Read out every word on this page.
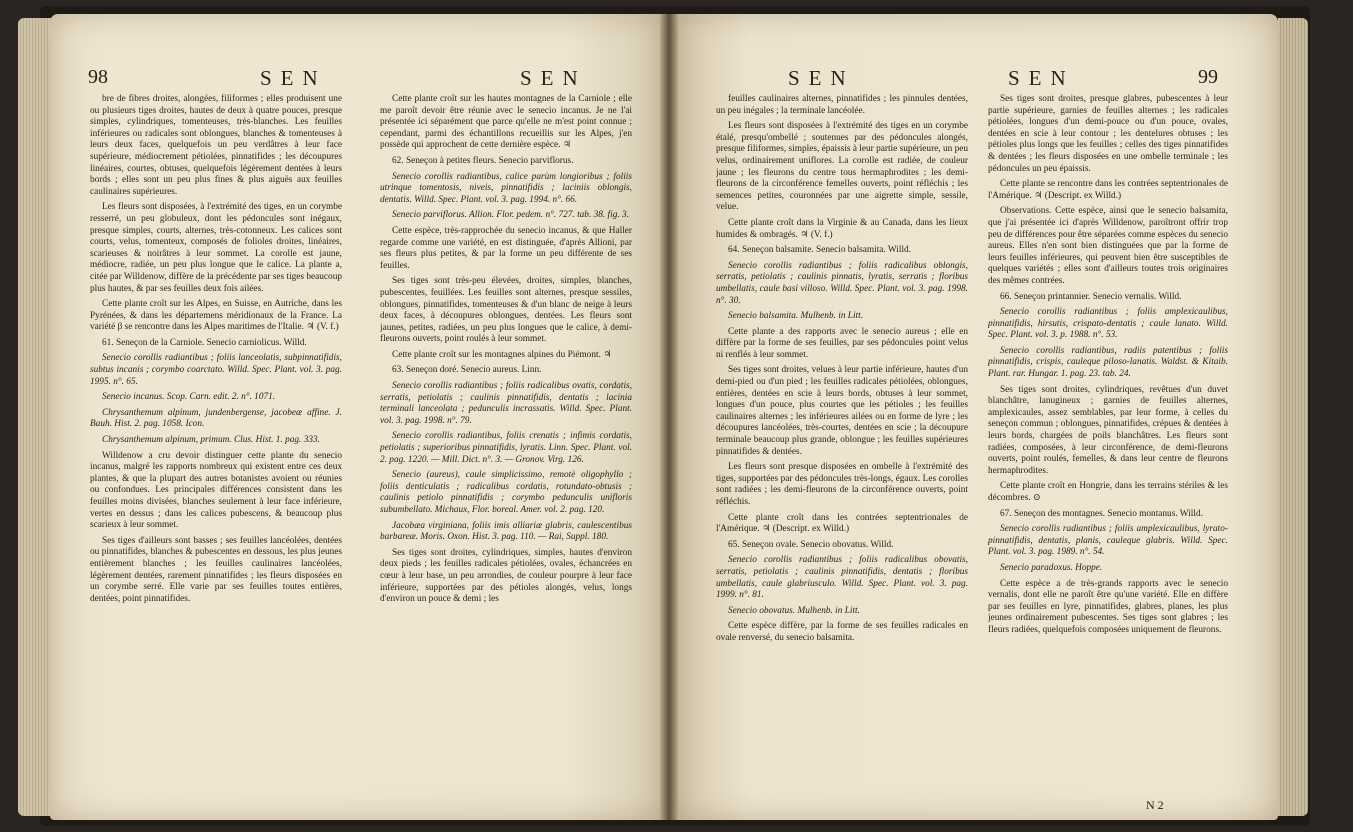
98	SEN	SEN

bre de fibres droites, alongées, filiformes ; elles produisent une ou plusieurs tiges droites, hautes de deux à quatre pouces, presque simples, cylindriques, tomenteuses, très-blanches. Les feuilles inférieures ou radicales sont oblongues, blanches & tomenteuses à leurs deux faces, quelquefois un peu verdâtres à leur face supérieure, médiocrement pétiolées, pinnatifides ; les découpures linéaires, courtes, obtuses, quelquefois légèrement dentées à leurs bords ; elles sont un peu plus fines & plus aiguës aux feuilles caulinaires supérieures.

Les fleurs sont disposées, à l'extrémité des tiges, en un corymbe resserré, un peu globuleux, dont les pédoncules sont inégaux, presque simples, courts, alternes, très-cotonneux. Les calices sont courts, velus, tomenteux, composés de folioles droites, linéaires, scarieuses & noirâtres à leur sommet. La corolle est jaune, médiocre, radiée, un peu plus longue que le calice. La plante a, citée par Willdenow, diffère de la précédente par ses tiges beaucoup plus hautes, & par ses feuilles deux fois ailées.

Cette plante croît sur les Alpes, en Suisse, en Autriche, dans les Pyrénées, & dans les départemens méridionaux de la France. La variété β se rencontre dans les Alpes maritimes de l'Italie. ♃ (V. f.)

61. Seneçon de la Carniole. Senecio carniolicus. Willd.

Senecio corollis radiantibus ; foliis lanceolatis, subpinnatifidis, subtus incanis ; corymbo coarctato. Willd. Spec. Plant. vol. 3. pag. 1995. n°. 65.

Senecio incanus. Scop. Carn. edit. 2. n°. 1071.

Chrysanthemum alpinum, jundenbergense, jacobeæ affine. J. Bauh. Hist. 2. pag. 1058. Icon.

Chrysanthemum alpinum, primum. Clus. Hist. 1. pag. 333.

Willdenow a cru devoir distinguer cette plante du senecio incanus, malgré les rapports nombreux qui existent entre ces deux plantes, & que la plupart des autres botanistes avoient ou réunies ou confondues. Les principales différences consistent dans les feuilles moins divisées, blanches seulement à leur face inférieure, vertes en dessus ; dans les calices pubescens, & beaucoup plus scarieux à leur sommet.

Ses tiges d'ailleurs sont basses ; ses feuilles lancéolées, dentées ou pinnatifides, blanches & pubescentes en dessous, les plus jeunes entièrement blanches ; les feuilles caulinaires lancéolées, légèrement dentées, rarement pinnatifides ; les fleurs disposées en un corymbe serré. Elle varie par ses feuilles toutes entières, dentées, point pinnatifides.

Cette plante croît sur les hautes montagnes de la Carniole ; elle me paroît devoir être réunie avec le senecio incanus. Je ne l'ai présentée ici séparément que parce qu'elle ne m'est point connue ; cependant, parmi des échantillons recueillis sur les Alpes, j'en possède qui approchent de cette dernière espèce. ♃

62. Seneçon à petites fleurs. Senecio parviflorus.

Senecio corollis radiantibus, calice parùm longioribus ; foliis utrinque tomentosis, niveis, pinnatifidis ; laciniis oblongis, dentatis. Willd. Spec. Plant. vol. 3. pag. 1994. n°. 66.

Senecio parviflorus. Allion. Flor. pedem. n°. 727. tab. 38. fig. 3.

Cette espèce, très-rapprochée du senecio incanus, & que Haller regarde comme une variété, en est distinguée, d'après Allioni, par ses fleurs plus petites, & par la forme un peu différente de ses feuilles.

Ses tiges sont très-peu élevées, droites, simples, blanches, pubescentes, feuillées. Les feuilles sont alternes, presque sessiles, oblongues, pinnatifides, tomenteuses & d'un blanc de neige à leurs deux faces, à découpures oblongues, dentées. Les fleurs sont jaunes, petites, radiées, un peu plus longues que le calice, à demi-fleurons ouverts, point roulés à leur sommet.

Cette plante croît sur les montagnes alpines du Piémont. ♃

63. Seneçon doré. Senecio aureus. Linn.

Senecio corollis radiantibus ; foliis radicalibus ovatis, cordatis, serratis, petiolatis ; caulinis pinnatifidis, dentatis ; lacinia terminali lanceolata ; pedunculis incrassatis. Willd. Spec. Plant. vol. 3. pag. 1998. n°. 79.

Senecio corollis radiantibus, foliis crenatis ; infimis cordatis, petiolatis ; superioribus pinnatifidis, lyratis. Linn. Spec. Plant. vol. 2. pag. 1220. — Mill. Dict. n°. 3. — Gronov. Virg. 126.

Senecio (aureus), caule simplicissimo, remotè oligophyllo ; foliis denticulatis ; radicalibus cordatis, rotundato-obtusis ; caulinis petiolo pinnatifidis ; corymbo pedunculis unifloris subumbellato. Michaux, Flor. boreal. Amer. vol. 2. pag. 120.

Jacobæa virginiana, foliis imis alliariæ glabris, caulescentibus barbareæ. Moris. Oxon. Hist. 3. pag. 110. — Rai, Suppl. 180.

Ses tiges sont droites, cylindriques, simples, hautes d'environ deux pieds ; les feuilles radicales pétiolées, ovales, échancrées en cœur à leur base, un peu arrondies, de couleur pourpre à leur face inférieure, supportées par des pétioles alongés, velus, longs d'environ un pouce & demi ; les

SEN	SEN	99

feuilles caulinaires alternes, pinnatifides ; les pinnules dentées, un peu inégales ; la terminale lancéolée.

Les fleurs sont disposées à l'extrémité des tiges en un corymbe étalé, presqu'ombellé ; soutenues par des pédoncules alongés, presque filiformes, simples, épaissis à leur partie supérieure, un peu velus, ordinairement uniflores. La corolle est radiée, de couleur jaune ; les fleurons du centre tous hermaphrodites ; les demi-fleurons de la circonférence femelles ouverts, point réfléchis ; les semences petites, couronnées par une aigrette simple, sessile, velue.

Cette plante croît dans la Virginie & au Canada, dans les lieux humides & ombragés. ♃ (V. f.)

64. Seneçon balsamite. Senecio balsamita. Willd.

Senecio corollis radiantibus ; foliis radicalibus oblongis, serratis, petiolatis ; caulinis pinnatis, lyratis, serratis ; floribus umbellatis, caule basi villoso. Willd. Spec. Plant. vol. 3. pag. 1998. n°. 30.

Senecio balsamita. Mulhenb. in Litt.

Cette plante a des rapports avec le senecio aureus ; elle en diffère par la forme de ses feuilles, par ses pédoncules point velus ni renflés à leur sommet.

Ses tiges sont droites, velues à leur partie inférieure, hautes d'un demi-pied ou d'un pied ; les feuilles radicales pétiolées, oblongues, entières, dentées en scie à leurs bords, obtuses à leur sommet, longues d'un pouce, plus courtes que les pétioles ; les feuilles caulinaires alternes ; les inférieures ailées ou en forme de lyre ; les découpures lancéolées, très-courtes, dentées en scie ; la découpure terminale beaucoup plus grande, oblongue ; les feuilles supérieures pinnatifides & dentées.

Les fleurs sont presque disposées en ombelle à l'extrémité des tiges, supportées par des pédoncules très-longs, égaux. Les corolles sont radiées ; les demi-fleurons de la circonférence ouverts, point réfléchis.

Cette plante croît dans les contrées septentrionales de l'Amérique. ♃ (Descript. ex Willd.)

65. Seneçon ovale. Senecio obovatus. Willd.

Senecio corollis radiantibus ; foliis radicalibus obovatis, serratis, petiolatis ; caulinis pinnatifidis, dentatis ; floribus umbellatis, caule glabriusculo. Willd. Spec. Plant. vol. 3. pag. 1999. n°. 81.

Senecio obovatus. Mulhenb. in Litt.

Cette espèce diffère, par la forme de ses feuilles radicales en ovale renversé, du senecio balsamita.

Ses tiges sont droites, presque glabres, pubescentes à leur partie supérieure, garnies de feuilles alternes ; les radicales pétiolées, longues d'un demi-pouce ou d'un pouce, ovales, dentées en scie à leur contour ; les dentelures obtuses ; les pétioles plus longs que les feuilles ; celles des tiges pinnatifides & dentées ; les fleurs disposées en une ombelle terminale ; les pédoncules un peu épaissis.

Cette plante se rencontre dans les contrées septentrionales de l'Amérique. ♃ (Descript. ex Willd.)

Observations. Cette espèce, ainsi que le senecio balsamita, que j'ai présentée ici d'après Willdenow, paroîtront offrir trop peu de différences pour être séparées comme espèces du senecio aureus. Elles n'en sont bien distinguées que par la forme de leurs feuilles inférieures, qui peuvent bien être susceptibles de quelques variétés ; elles sont d'ailleurs toutes trois originaires des mêmes contrées.

66. Seneçon printannier. Senecio vernalis. Willd.

Senecio corollis radiantibus ; foliis amplexicaulibus, pinnatifidis, hirsutis, crispato-dentatis ; caule lanato. Willd. Spec. Plant. vol. 3. p. 1988. n°. 53.

Senecio corollis radiantibus, radiis patentibus ; foliis pinnatifidis, crispis, cauleque piloso-lanatis. Waldst. & Kitaib. Plant. rar. Hungar. 1. pag. 23. tab. 24.

Ses tiges sont droites, cylindriques, revêtues d'un duvet blanchâtre, lanugineux ; garnies de feuilles alternes, amplexicaules, assez semblables, par leur forme, à celles du seneçon commun ; oblongues, pinnatifides, crépues & dentées à leurs bords, chargées de poils blanchâtres. Les fleurs sont radiées, composées, à leur circonférence, de demi-fleurons ouverts, point roulés, femelles, & dans leur centre de fleurons hermaphrodites.

Cette plante croît en Hongrie, dans les terrains stériles & les décombres. ⊙

67. Seneçon des montagnes. Senecio montanus. Willd.

Senecio corollis radiantibus ; foliis amplexicaulibus, lyrato-pinnatifidis, dentatis, planis, cauleque glabris. Willd. Spec. Plant. vol. 3. pag. 1989. n°. 54.

Senecio paradoxus. Hoppe.

Cette espèce a de très-grands rapports avec le senecio vernalis, dont elle ne paroît être qu'une variété. Elle en diffère par ses feuilles en lyre, pinnatifides, glabres, planes, les plus jeunes ordinairement pubescentes. Ses tiges sont glabres ; les fleurs radiées, quelquefois composées uniquement de fleurons.

N 2
